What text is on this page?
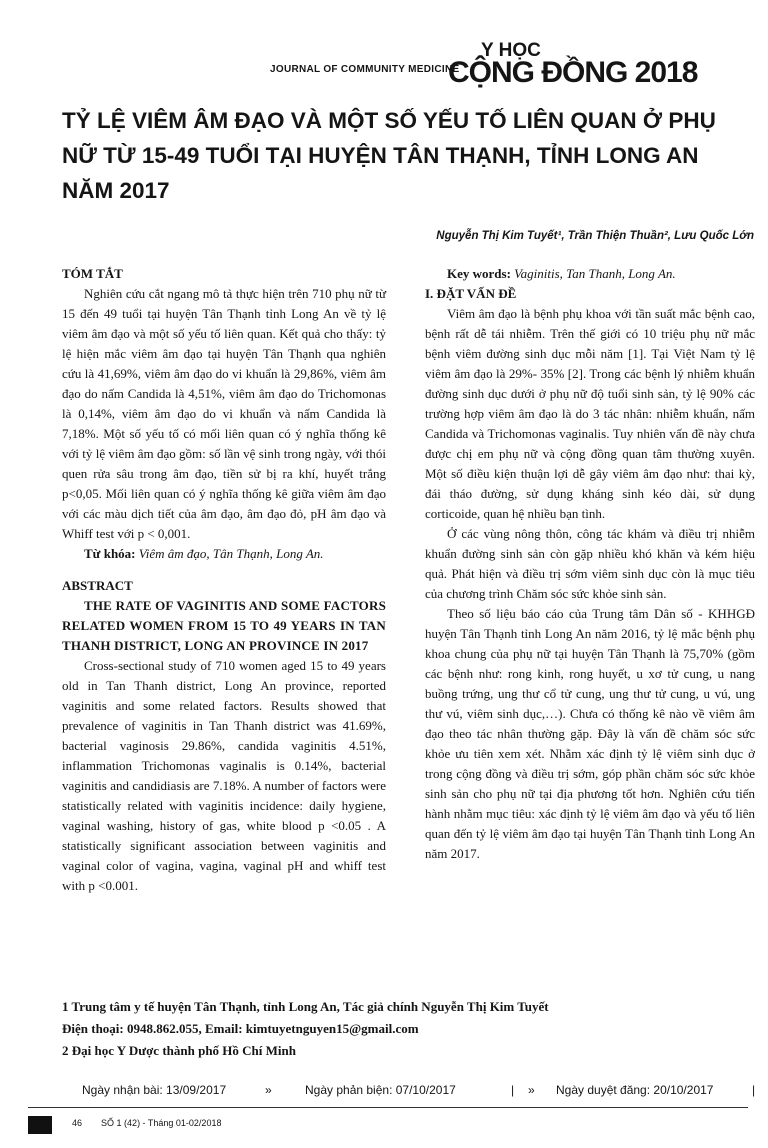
JOURNAL OF COMMUNITY MEDICINE
Y HỌC
CỘNG ĐỒNG 2018
TỶ LỆ VIÊM ÂM ĐẠO VÀ MỘT SỐ YẾU TỐ LIÊN QUAN Ở PHỤ NỮ TỪ 15-49 TUỔI TẠI HUYỆN TÂN THẠNH, TỈNH LONG AN NĂM 2017
Nguyễn Thị Kim Tuyết¹, Trần Thiện Thuần², Lưu Quốc Lớn

TÓM TẮT

Nghiên cứu cắt ngang mô tả thực hiện trên 710 phụ nữ từ 15 đến 49 tuổi tại huyện Tân Thạnh tỉnh Long An về tỷ lệ viêm âm đạo và một số yếu tố liên quan. Kết quả cho thấy: tỷ lệ hiện mắc viêm âm đạo tại huyện Tân Thạnh qua nghiên cứu là 41,69%, viêm âm đạo do vi khuẩn là 29,86%, viêm âm đạo do nấm Candida là 4,51%, viêm âm đạo do Trichomonas là 0,14%, viêm âm đạo do vi khuẩn và nấm Candida là 7,18%. Một số yếu tố có mối liên quan có ý nghĩa thống kê với tỷ lệ viêm âm đạo gồm: số lần vệ sinh trong ngày, với thói quen rửa sâu trong âm đạo, tiền sử bị ra khí, huyết trắng p<0,05. Mối liên quan có ý nghĩa thống kê giữa viêm âm đạo với các màu dịch tiết của âm đạo, âm đạo đỏ, pH âm đạo và Whiff test với p < 0,001.

Từ khóa: Viêm âm đạo, Tân Thạnh, Long An.

ABSTRACT

THE RATE OF VAGINITIS AND SOME FACTORS RELATED WOMEN FROM 15 TO 49 YEARS IN TAN THANH DISTRICT, LONG AN PROVINCE IN 2017

Cross-sectional study of 710 women aged 15 to 49 years old in Tan Thanh district, Long An province, reported vaginitis and some related factors. Results showed that prevalence of vaginitis in Tan Thanh district was 41.69%, bacterial vaginosis 29.86%, candida vaginitis 4.51%, inflammation Trichomonas vaginalis is 0.14%, bacterial vaginitis and candidiasis are 7.18%. A number of factors were statistically related with vaginitis incidence: daily hygiene, vaginal washing, history of gas, white blood p <0.05 . A statistically significant association between vaginitis and vaginal color of vagina, vagina, vaginal pH and whiff test with p <0.001.

Key words: Vaginitis, Tan Thanh, Long An.

I. ĐẶT VẤN ĐỀ

Viêm âm đạo là bệnh phụ khoa với tần suất mắc bệnh cao, bệnh rất dễ tái nhiễm. Trên thế giới có 10 triệu phụ nữ mắc bệnh viêm đường sinh dục mỗi năm [1]. Tại Việt Nam tỷ lệ viêm âm đạo là 29%- 35% [2]. Trong các bệnh lý nhiễm khuẩn đường sinh dục dưới ở phụ nữ độ tuổi sinh sản, tỷ lệ 90% các trường hợp viêm âm đạo là do 3 tác nhân: nhiễm khuẩn, nấm Candida và Trichomonas vaginalis. Tuy nhiên vấn đề này chưa được chị em phụ nữ và cộng đồng quan tâm thường xuyên. Một số điều kiện thuận lợi dễ gây viêm âm đạo như: thai kỳ, đái tháo đường, sử dụng kháng sinh kéo dài, sử dụng corticoide, quan hệ nhiều bạn tình.

Ở các vùng nông thôn, công tác khám và điều trị nhiễm khuẩn đường sinh sản còn gặp nhiều khó khăn và kém hiệu quả. Phát hiện và điều trị sớm viêm sinh dục còn là mục tiêu của chương trình Chăm sóc sức khỏe sinh sản.

Theo số liệu báo cáo của Trung tâm Dân số - KHHGĐ huyện Tân Thạnh tỉnh Long An năm 2016, tỷ lệ mắc bệnh phụ khoa chung của phụ nữ tại huyện Tân Thạnh là 75,70% (gồm các bệnh như: rong kinh, rong huyết, u xơ tử cung, u nang buồng trứng, ung thư cổ tử cung, ung thư tử cung, u vú, ung thư vú, viêm sinh dục,…). Chưa có thống kê nào về viêm âm đạo theo tác nhân thường gặp. Đây là vấn đề chăm sóc sức khỏe ưu tiên xem xét. Nhằm xác định tỷ lệ viêm sinh dục ở trong cộng đồng và điều trị sớm, góp phần chăm sóc sức khỏe sinh sản cho phụ nữ tại địa phương tốt hơn. Nghiên cứu tiến hành nhằm mục tiêu: xác định tỷ lệ viêm âm đạo và yếu tố liên quan đến tỷ lệ viêm âm đạo tại huyện Tân Thạnh tỉnh Long An năm 2017.

1 Trung tâm y tế huyện Tân Thạnh, tỉnh Long An, Tác giả chính Nguyễn Thị Kim Tuyết
Điện thoại: 0948.862.055, Email: kimtuyetnguyen15@gmail.com
2 Đại học Y Dược thành phố Hồ Chí Minh
Ngày nhận bài: 13/09/2017	»	Ngày phản biện: 07/10/2017	| » Ngày duyệt đăng: 20/10/2017	|
46 SỐ 1 (42) - Tháng 01-02/2018
